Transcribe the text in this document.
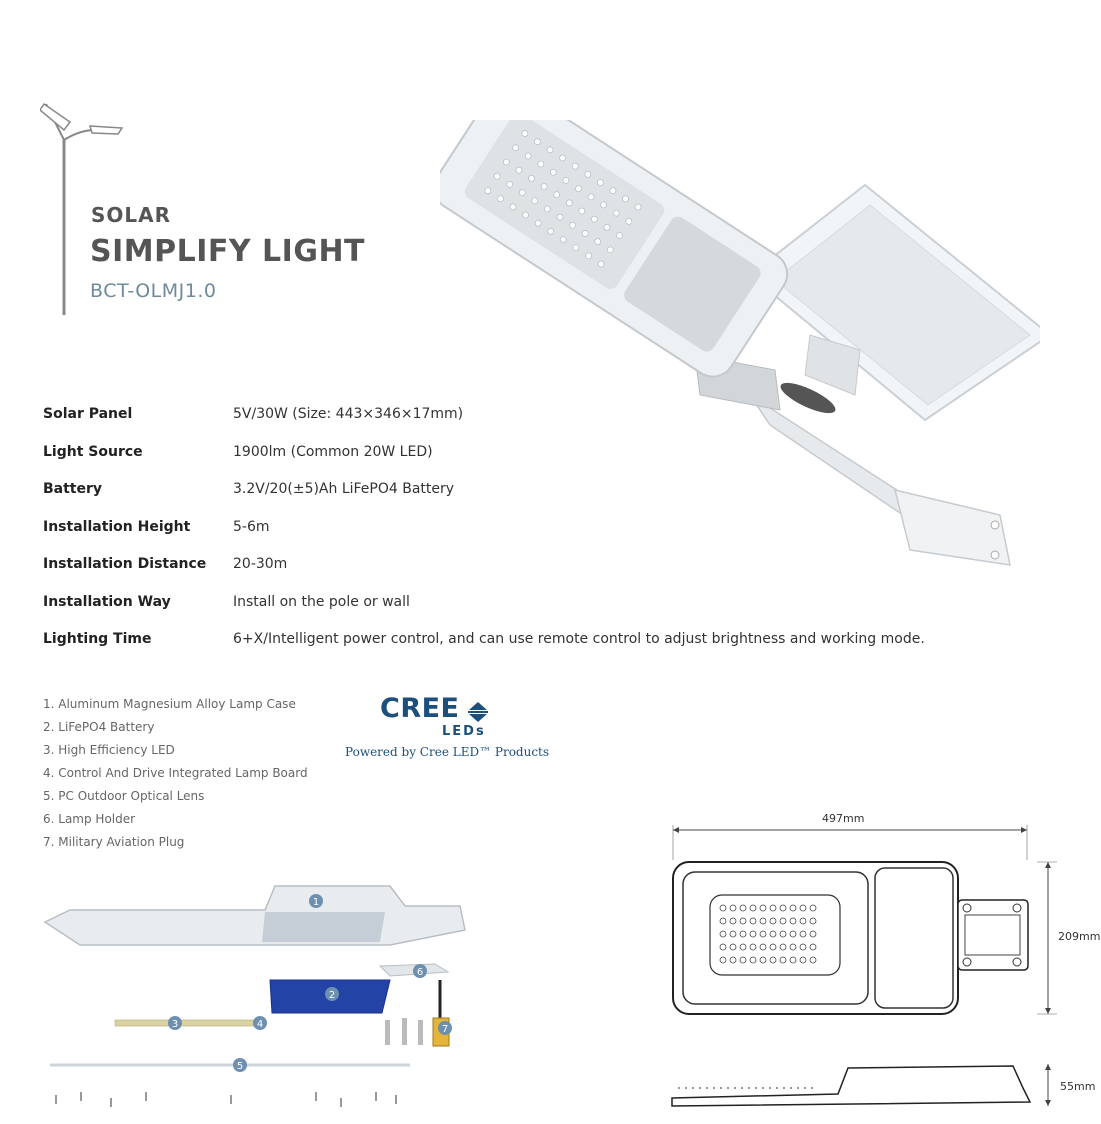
SOLAR
SIMPLIFY LIGHT
BCT-OLMJ1.0
Solar Panel	5V/30W (Size: 443×346×17mm)
Light Source	1900lm (Common 20W LED)
Battery	3.2V/20(±5)Ah LiFePO4 Battery
Installation Height	5-6m
Installation Distance 20-30m
Installation Way	Install on the pole or wall
Lighting Time	6+X/Intelligent power control, and can use remote control to adjust brightness and working mode.
1. Aluminum Magnesium Alloy Lamp Case
2. LiFePO4 Battery
3. High Efficiency LED
4. Control And Drive Integrated Lamp Board
5. PC Outdoor Optical Lens
6. Lamp Holder
7. Military Aviation Plug
CREE
LEDs
Powered by Cree LED™ Products
1
2
6
3	4	7
5
497mm
209mm
55mm
